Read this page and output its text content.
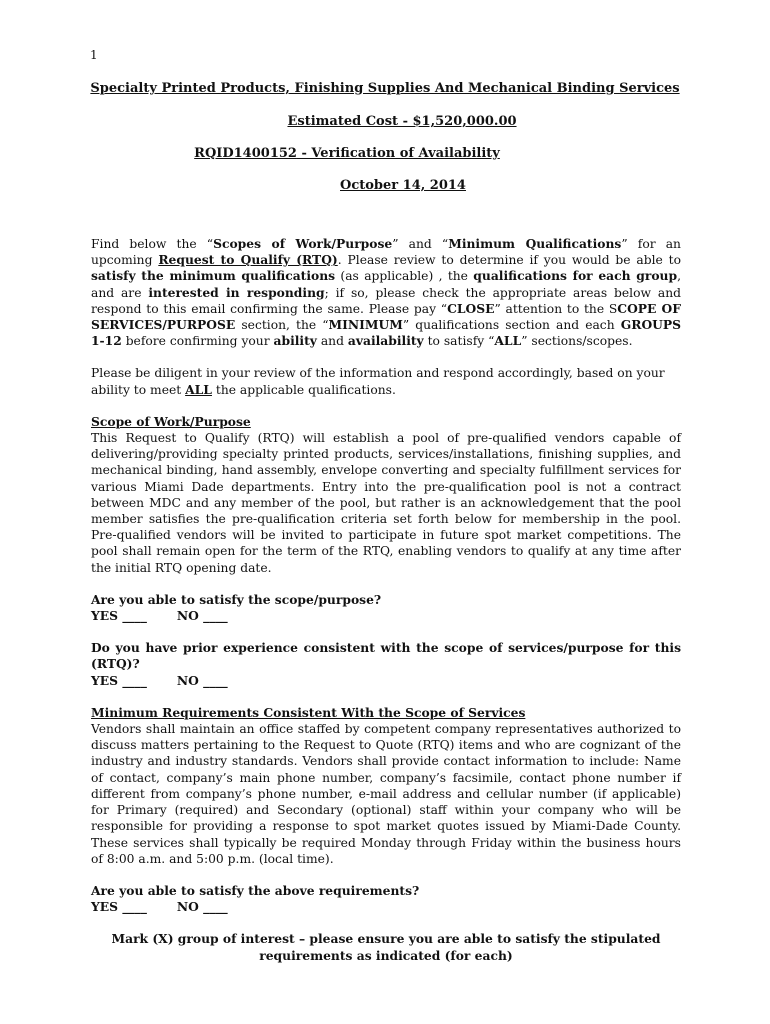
1
Specialty Printed Products, Finishing Supplies And Mechanical Binding Services
Estimated Cost - $1,520,000.00
RQID1400152 - Verification of Availability
October 14, 2014

Find below the “Scopes of Work/Purpose” and “Minimum Qualifications” for an upcoming Request to Qualify (RTQ). Please review to determine if you would be able to satisfy the minimum qualifications (as applicable) , the qualifications for each group, and are interested in responding; if so, please check the appropriate areas below and respond to this email confirming the same. Please pay “CLOSE” attention to the SCOPE OF SERVICES/PURPOSE section, the “MINIMUM” qualifications section and each GROUPS 1-12 before confirming your ability and availability to satisfy “ALL” sections/scopes.

Please be diligent in your review of the information and respond accordingly, based on your ability to meet ALL the applicable qualifications.

Scope of Work/Purpose
This Request to Qualify (RTQ) will establish a pool of pre-qualified vendors capable of delivering/providing specialty printed products, services/installations, finishing supplies, and mechanical binding, hand assembly, envelope converting and specialty fulfillment services for various Miami Dade departments. Entry into the pre-qualification pool is not a contract between MDC and any member of the pool, but rather is an acknowledgement that the pool member satisfies the pre-qualification criteria set forth below for membership in the pool. Pre-qualified vendors will be invited to participate in future spot market competitions. The pool shall remain open for the term of the RTQ, enabling vendors to qualify at any time after the initial RTQ opening date.

Are you able to satisfy the scope/purpose?
YES ____       NO ____
Do you have prior experience consistent with the scope of services/purpose for this (RTQ)?
YES ____       NO ____

Minimum Requirements Consistent With the Scope of Services
Vendors shall maintain an office staffed by competent company representatives authorized to discuss matters pertaining to the Request to Quote (RTQ) items and who are cognizant of the industry and industry standards. Vendors shall provide contact information to include: Name of contact, company’s main phone number, company’s facsimile, contact phone number if different from company’s phone number, e-mail address and cellular number (if applicable) for Primary (required) and Secondary (optional) staff within your company who will be responsible for providing a response to spot market quotes issued by Miami-Dade County. These services shall typically be required Monday through Friday within the business hours of 8:00 a.m. and 5:00 p.m. (local time).

Are you able to satisfy the above requirements?
YES ____       NO ____
Mark (X) group of interest – please ensure you are able to satisfy the stipulated requirements as indicated (for each)
